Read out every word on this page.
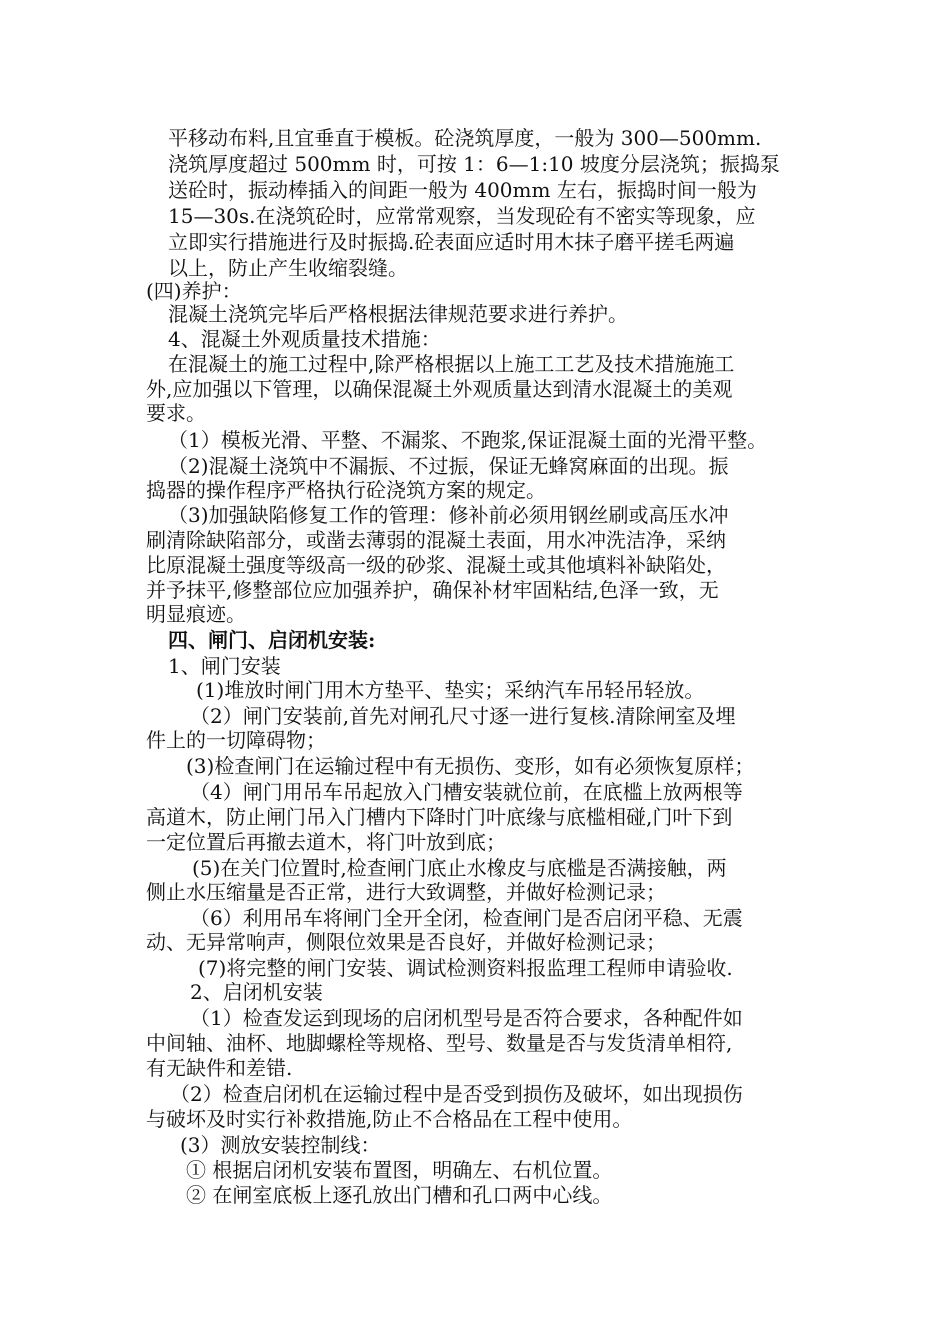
平移动布料,且宜垂直于模板。砼浇筑厚度，一般为 300—500mm.
浇筑厚度超过 500mm 时，可按 1：6—1:10 坡度分层浇筑；振捣泵
送砼时，振动棒插入的间距一般为 400mm 左右，振捣时间一般为
15—30s.在浇筑砼时，应常常观察，当发现砼有不密实等现象，应
立即实行措施进行及时振捣.砼表面应适时用木抹子磨平搓毛两遍
以上，防止产生收缩裂缝。
(四)养护：
混凝土浇筑完毕后严格根据法律规范要求进行养护。
4、混凝土外观质量技术措施：
在混凝土的施工过程中,除严格根据以上施工工艺及技术措施施工
外,应加强以下管理，以确保混凝土外观质量达到清水混凝土的美观
要求。
（1）模板光滑、平整、不漏浆、不跑浆,保证混凝土面的光滑平整。
（2)混凝土浇筑中不漏振、不过振，保证无蜂窝麻面的出现。振
捣器的操作程序严格执行砼浇筑方案的规定。
（3)加强缺陷修复工作的管理：修补前必须用钢丝刷或高压水冲
刷清除缺陷部分，或凿去薄弱的混凝土表面，用水冲洗洁净，采纳
比原混凝土强度等级高一级的砂浆、混凝土或其他填料补缺陷处，
并予抹平,修整部位应加强养护，确保补材牢固粘结,色泽一致，无
明显痕迹。
四、闸门、启闭机安装:
1、闸门安装
(1)堆放时闸门用木方垫平、垫实；采纳汽车吊轻吊轻放。
（2）闸门安装前,首先对闸孔尺寸逐一进行复核.清除闸室及埋
件上的一切障碍物；
(3)检查闸门在运输过程中有无损伤、变形，如有必须恢复原样；
（4）闸门用吊车吊起放入门槽安装就位前，在底槛上放两根等
高道木，防止闸门吊入门槽内下降时门叶底缘与底槛相碰,门叶下到
一定位置后再撤去道木，将门叶放到底；
(5)在关门位置时,检查闸门底止水橡皮与底槛是否满接触，两
侧止水压缩量是否正常，进行大致调整，并做好检测记录；
（6）利用吊车将闸门全开全闭，检查闸门是否启闭平稳、无震
动、无异常响声，侧限位效果是否良好，并做好检测记录；
(7)将完整的闸门安装、调试检测资料报监理工程师申请验收.
2、启闭机安装
（1）检查发运到现场的启闭机型号是否符合要求，各种配件如
中间轴、油杯、地脚螺栓等规格、型号、数量是否与发货清单相符,
有无缺件和差错.
（2）检查启闭机在运输过程中是否受到损伤及破坏，如出现损伤
与破坏及时实行补救措施,防止不合格品在工程中使用。
(3）测放安装控制线：
① 根据启闭机安装布置图，明确左、右机位置。
② 在闸室底板上逐孔放出门槽和孔口两中心线。
